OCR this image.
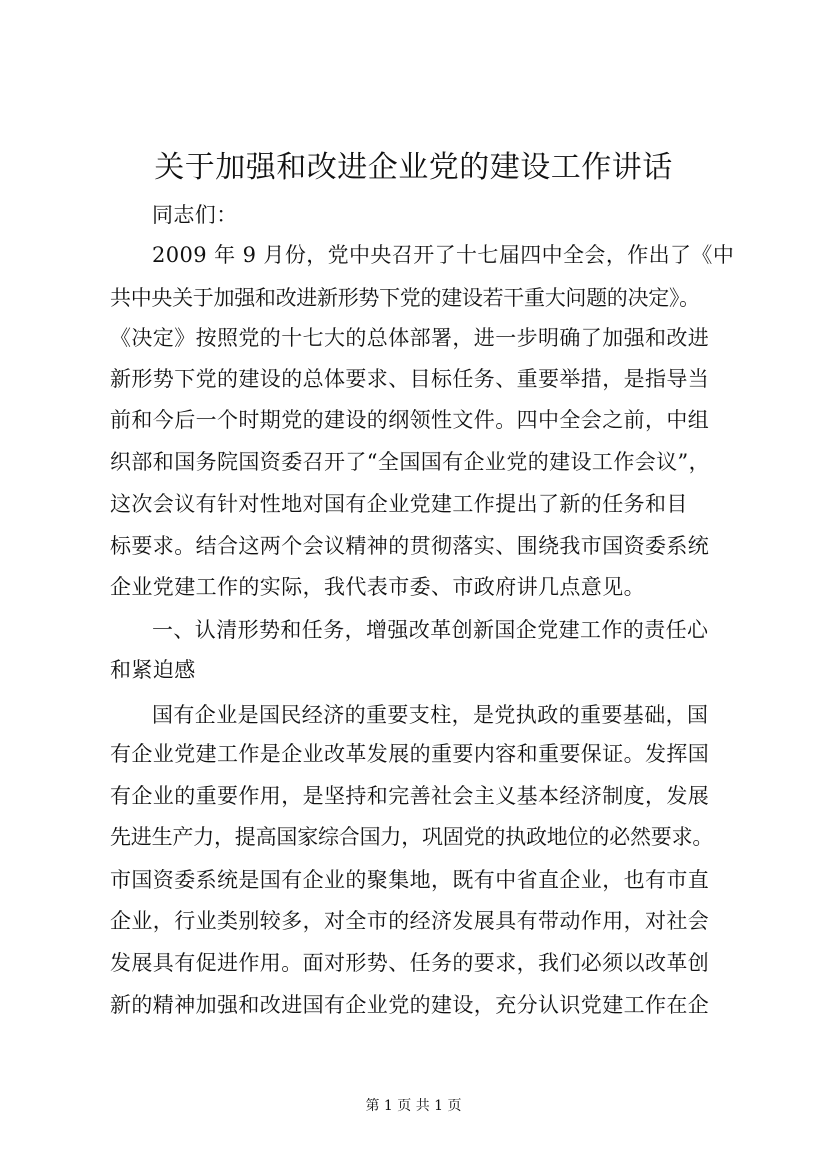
关于加强和改进企业党的建设工作讲话
同志们：
2009 年 9 月份，党中央召开了十七届四中全会，作出了《中
共中央关于加强和改进新形势下党的建设若干重大问题的决定》。
《决定》按照党的十七大的总体部署，进一步明确了加强和改进
新形势下党的建设的总体要求、目标任务、重要举措，是指导当
前和今后一个时期党的建设的纲领性文件。四中全会之前，中组
织部和国务院国资委召开了“全国国有企业党的建设工作会议”，
这次会议有针对性地对国有企业党建工作提出了新的任务和目
标要求。结合这两个会议精神的贯彻落实、围绕我市国资委系统
企业党建工作的实际，我代表市委、市政府讲几点意见。
一、认清形势和任务，增强改革创新国企党建工作的责任心
和紧迫感
国有企业是国民经济的重要支柱，是党执政的重要基础，国
有企业党建工作是企业改革发展的重要内容和重要保证。发挥国
有企业的重要作用，是坚持和完善社会主义基本经济制度，发展
先进生产力，提高国家综合国力，巩固党的执政地位的必然要求。
市国资委系统是国有企业的聚集地，既有中省直企业，也有市直
企业，行业类别较多，对全市的经济发展具有带动作用，对社会
发展具有促进作用。面对形势、任务的要求，我们必须以改革创
新的精神加强和改进国有企业党的建设，充分认识党建工作在企
第 1 页 共 1 页
